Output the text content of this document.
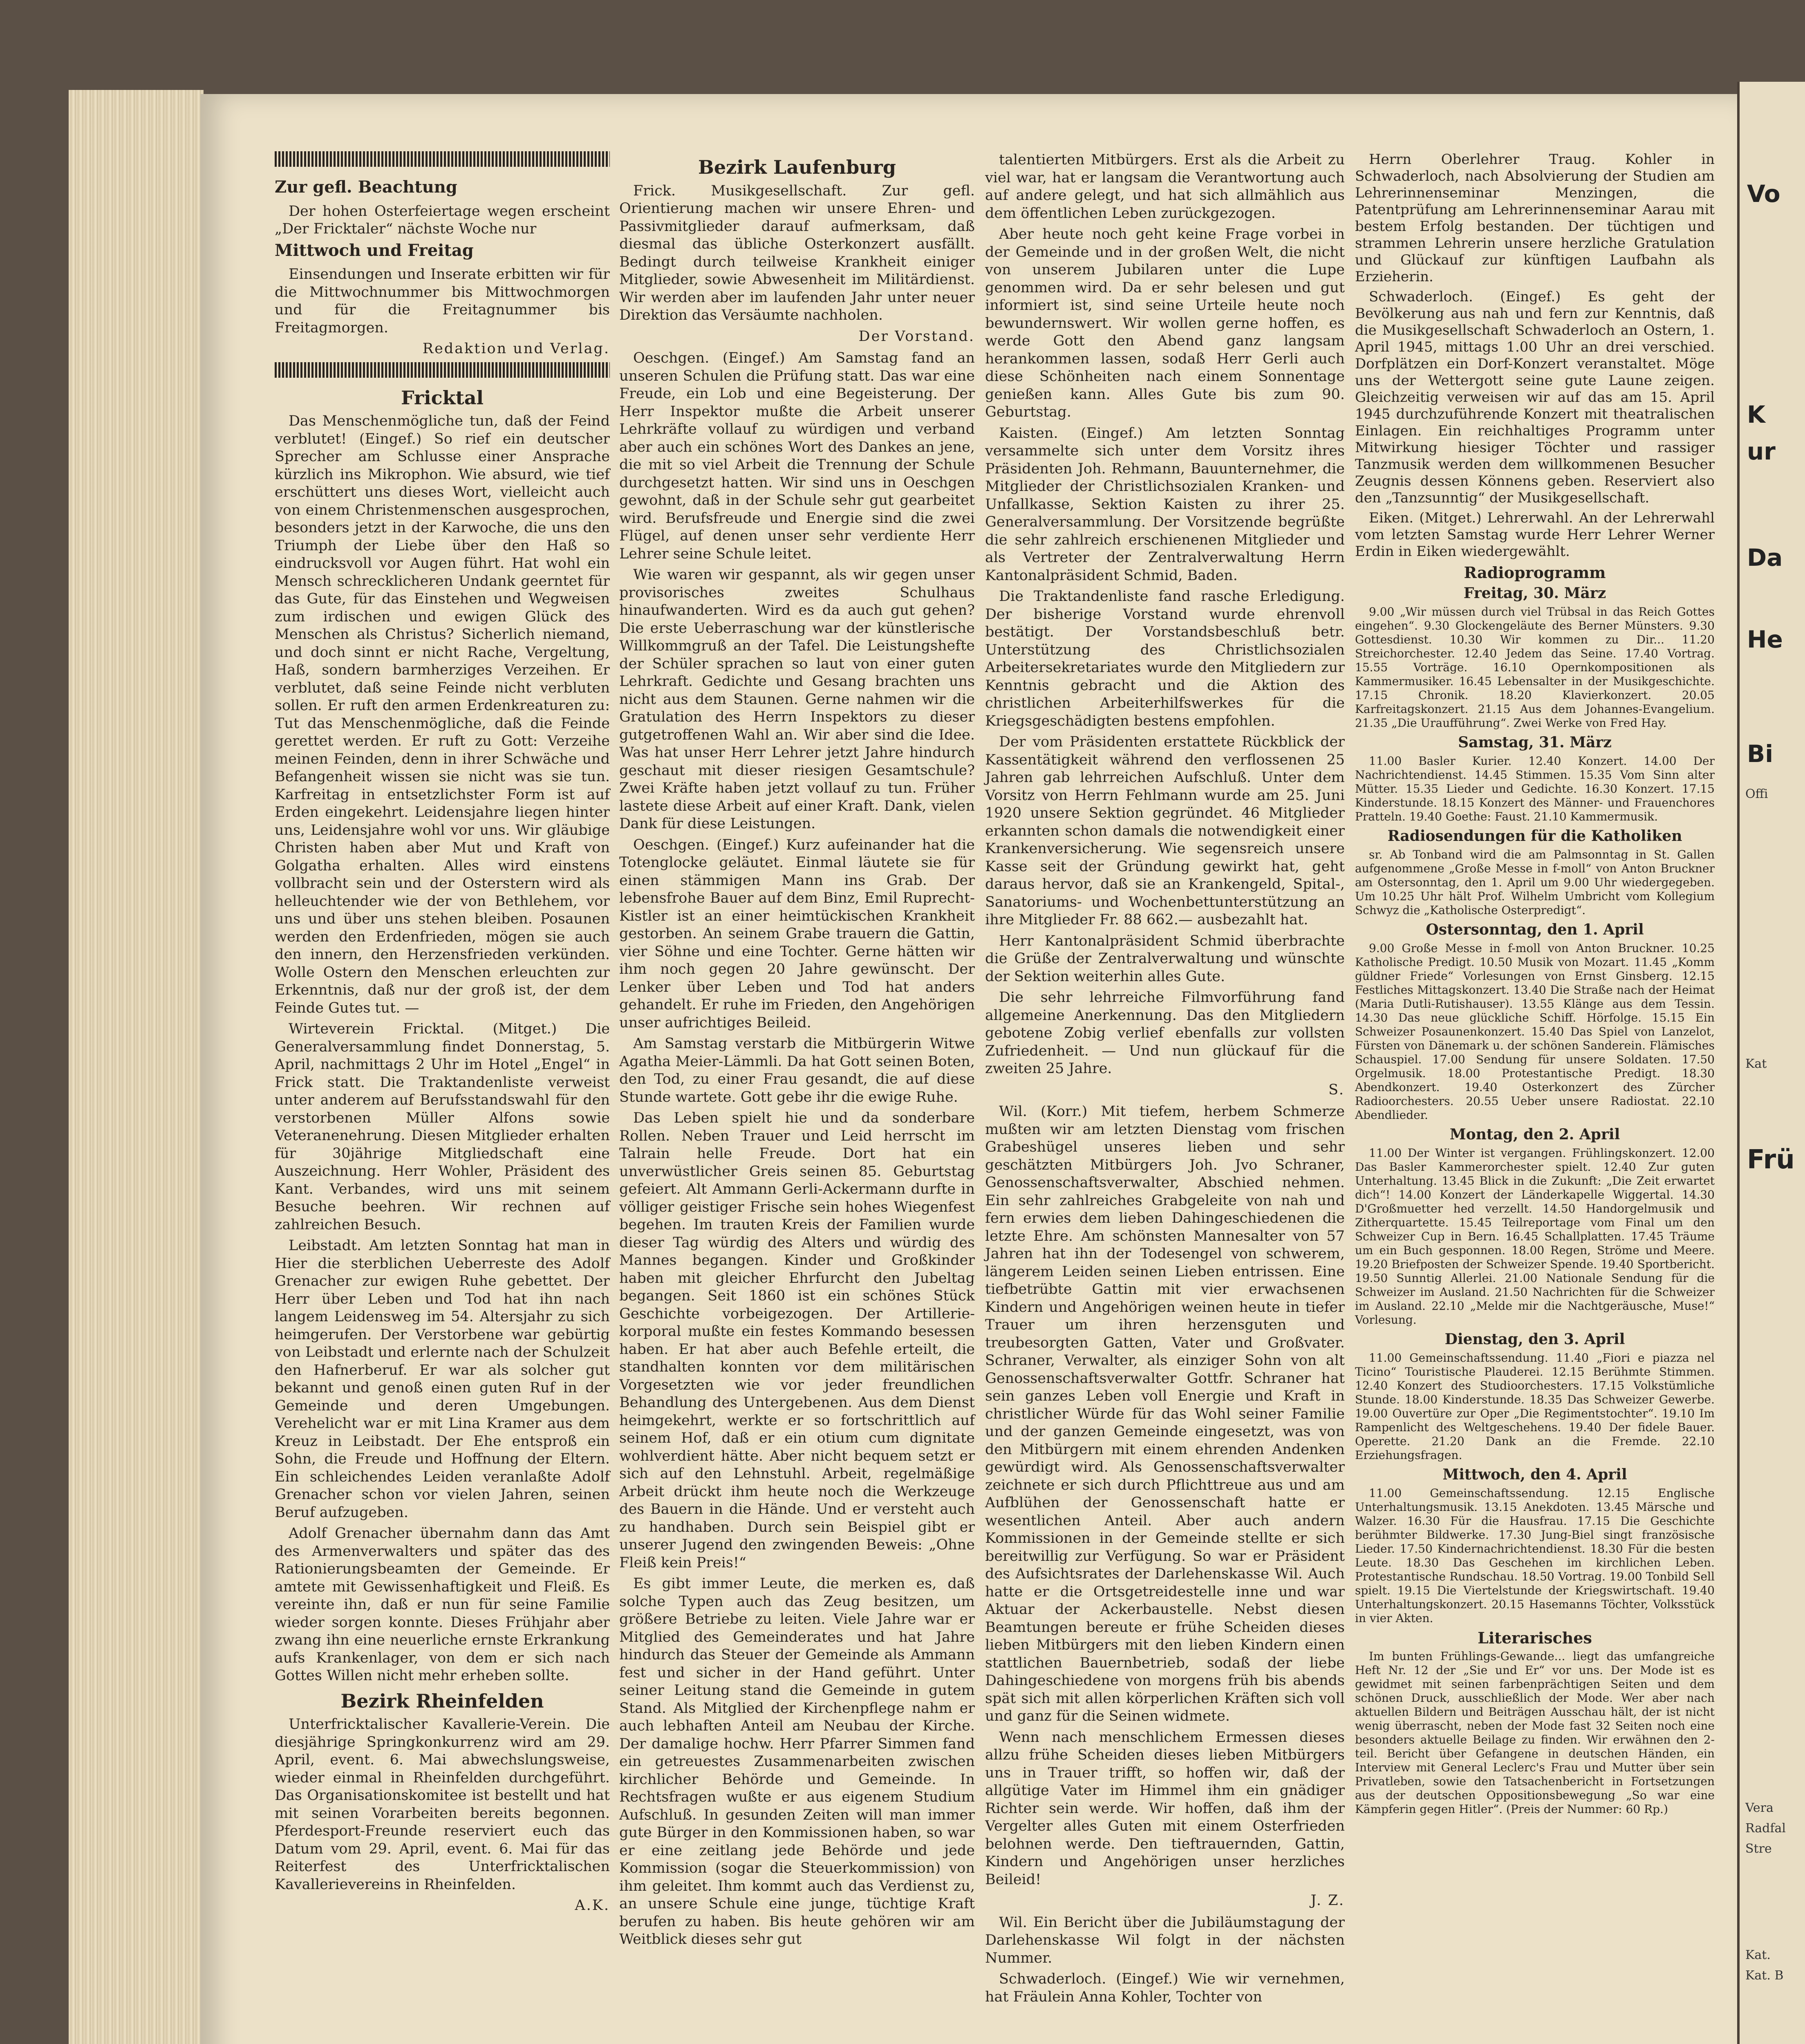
Zur gefl. Beachtung

Der hohen Osterfeiertage wegen erscheint „Der Fricktaler“ nächste Woche nur

Mittwoch und Freitag

Einsendungen und Inserate erbitten wir für die Mittwochnummer bis Mittwochmorgen und für die Freitagnummer bis Freitagmorgen.

Redaktion und Verlag.
Fricktal

Das Menschenmögliche tun, daß der Feind verblutet! (Eingef.) So rief ein deutscher Sprecher am Schlusse einer Ansprache kürzlich ins Mikrophon. Wie absurd, wie tief erschüttert uns dieses Wort, vielleicht auch von einem Christenmenschen ausgesprochen, besonders jetzt in der Karwoche, die uns den Triumph der Liebe über den Haß so eindrucksvoll vor Augen führt. Hat wohl ein Mensch schrecklicheren Undank geerntet für das Gute, für das Einstehen und Wegweisen zum irdischen und ewigen Glück des Menschen als Christus? Sicherlich niemand, und doch sinnt er nicht Rache, Vergeltung, Haß, sondern barmherziges Verzeihen. Er verblutet, daß seine Feinde nicht verbluten sollen. Er ruft den armen Erdenkreaturen zu: Tut das Menschenmögliche, daß die Feinde gerettet werden. Er ruft zu Gott: Verzeihe meinen Feinden, denn in ihrer Schwäche und Befangenheit wissen sie nicht was sie tun. Karfreitag in entsetzlichster Form ist auf Erden eingekehrt. Leidensjahre liegen hinter uns, Leidensjahre wohl vor uns. Wir gläubige Christen haben aber Mut und Kraft von Golgatha erhalten. Alles wird einstens vollbracht sein und der Osterstern wird als helleuchtender wie der von Bethlehem, vor uns und über uns stehen bleiben. Posaunen werden den Erdenfrieden, mögen sie auch den innern, den Herzensfrieden verkünden. Wolle Ostern den Menschen erleuchten zur Erkenntnis, daß nur der groß ist, der dem Feinde Gutes tut. —

Wirteverein Fricktal. (Mitget.) Die Generalversammlung findet Donnerstag, 5. April, nachmittags 2 Uhr im Hotel „Engel“ in Frick statt. Die Traktandenliste verweist unter anderem auf Berufsstandswahl für den verstorbenen Müller Alfons sowie Veteranenehrung. Diesen Mitglieder erhalten für 30jährige Mitgliedschaft eine Auszeichnung. Herr Wohler, Präsident des Kant. Verbandes, wird uns mit seinem Besuche beehren. Wir rechnen auf zahlreichen Besuch.

Leibstadt. Am letzten Sonntag hat man in Hier die sterblichen Ueberreste des Adolf Grenacher zur ewigen Ruhe gebettet. Der Herr über Leben und Tod hat ihn nach langem Leidensweg im 54. Altersjahr zu sich heimgerufen. Der Verstorbene war gebürtig von Leibstadt und erlernte nach der Schulzeit den Hafnerberuf. Er war als solcher gut bekannt und genoß einen guten Ruf in der Gemeinde und deren Umgebungen. Verehelicht war er mit Lina Kramer aus dem Kreuz in Leibstadt. Der Ehe entsproß ein Sohn, die Freude und Hoffnung der Eltern. Ein schleichendes Leiden veranlaßte Adolf Grenacher schon vor vielen Jahren, seinen Beruf aufzugeben.

Adolf Grenacher übernahm dann das Amt des Armenverwalters und später das des Rationierungsbeamten der Gemeinde. Er amtete mit Gewissenhaftigkeit und Fleiß. Es vereinte ihn, daß er nun für seine Familie wieder sorgen konnte. Dieses Frühjahr aber zwang ihn eine neuerliche ernste Erkrankung aufs Krankenlager, von dem er sich nach Gottes Willen nicht mehr erheben sollte.

Bezirk Rheinfelden

Unterfricktalischer Kavallerie-Verein. Die diesjährige Springkonkurrenz wird am 29. April, event. 6. Mai abwechslungsweise, wieder einmal in Rheinfelden durchgeführt. Das Organisationskomitee ist bestellt und hat mit seinen Vorarbeiten bereits begonnen. Pferdesport-Freunde reserviert euch das Datum vom 29. April, event. 6. Mai für das Reiterfest des Unterfricktalischen Kavallerievereins in Rheinfelden.

A.K.
Bezirk Laufenburg

Frick. Musikgesellschaft. Zur gefl. Orientierung machen wir unsere Ehren- und Passivmitglieder darauf aufmerksam, daß diesmal das übliche Osterkonzert ausfällt. Bedingt durch teilweise Krankheit einiger Mitglieder, sowie Abwesenheit im Militärdienst. Wir werden aber im laufenden Jahr unter neuer Direktion das Versäumte nachholen.

Der Vorstand.

Oeschgen. (Eingef.) Am Samstag fand an unseren Schulen die Prüfung statt. Das war eine Freude, ein Lob und eine Begeisterung. Der Herr Inspektor mußte die Arbeit unserer Lehrkräfte vollauf zu würdigen und verband aber auch ein schönes Wort des Dankes an jene, die mit so viel Arbeit die Trennung der Schule durchgesetzt hatten. Wir sind uns in Oeschgen gewohnt, daß in der Schule sehr gut gearbeitet wird. Berufsfreude und Energie sind die zwei Flügel, auf denen unser sehr verdiente Herr Lehrer seine Schule leitet.

Wie waren wir gespannt, als wir gegen unser provisorisches zweites Schulhaus hinaufwanderten. Wird es da auch gut gehen? Die erste Ueberraschung war der künstlerische Willkommgruß an der Tafel. Die Leistungshefte der Schüler sprachen so laut von einer guten Lehrkraft. Gedichte und Gesang brachten uns nicht aus dem Staunen. Gerne nahmen wir die Gratulation des Herrn Inspektors zu dieser gutgetroffenen Wahl an. Wir aber sind die Idee. Was hat unser Herr Lehrer jetzt Jahre hindurch geschaut mit dieser riesigen Gesamtschule? Zwei Kräfte haben jetzt vollauf zu tun. Früher lastete diese Arbeit auf einer Kraft. Dank, vielen Dank für diese Leistungen.

Oeschgen. (Eingef.) Kurz aufeinander hat die Totenglocke geläutet. Einmal läutete sie für einen stämmigen Mann ins Grab. Der lebensfrohe Bauer auf dem Binz, Emil Ruprecht-Kistler ist an einer heimtückischen Krankheit gestorben. An seinem Grabe trauern die Gattin, vier Söhne und eine Tochter. Gerne hätten wir ihm noch gegen 20 Jahre gewünscht. Der Lenker über Leben und Tod hat anders gehandelt. Er ruhe im Frieden, den Angehörigen unser aufrichtiges Beileid.

Am Samstag verstarb die Mitbürgerin Witwe Agatha Meier-Lämmli. Da hat Gott seinen Boten, den Tod, zu einer Frau gesandt, die auf diese Stunde wartete. Gott gebe ihr die ewige Ruhe.

Das Leben spielt hie und da sonderbare Rollen. Neben Trauer und Leid herrscht im Talrain helle Freude. Dort hat ein unverwüstlicher Greis seinen 85. Geburtstag gefeiert. Alt Ammann Gerli-Ackermann durfte in völliger geistiger Frische sein hohes Wiegenfest begehen. Im trauten Kreis der Familien wurde dieser Tag würdig des Alters und würdig des Mannes begangen. Kinder und Großkinder haben mit gleicher Ehrfurcht den Jubeltag begangen. Seit 1860 ist ein schönes Stück Geschichte vorbeigezogen. Der Artillerie-korporal mußte ein festes Kommando besessen haben. Er hat aber auch Befehle erteilt, die standhalten konnten vor dem militärischen Vorgesetzten wie vor jeder freundlichen Behandlung des Untergebenen. Aus dem Dienst heimgekehrt, werkte er so fortschrittlich auf seinem Hof, daß er ein otium cum dignitate wohlverdient hätte. Aber nicht bequem setzt er sich auf den Lehnstuhl. Arbeit, regelmäßige Arbeit drückt ihm heute noch die Werkzeuge des Bauern in die Hände. Und er versteht auch zu handhaben. Durch sein Beispiel gibt er unserer Jugend den zwingenden Beweis: „Ohne Fleiß kein Preis!“

Es gibt immer Leute, die merken es, daß solche Typen auch das Zeug besitzen, um größere Betriebe zu leiten. Viele Jahre war er Mitglied des Gemeinderates und hat Jahre hindurch das Steuer der Gemeinde als Ammann fest und sicher in der Hand geführt. Unter seiner Leitung stand die Gemeinde in gutem Stand. Als Mitglied der Kirchenpflege nahm er auch lebhaften Anteil am Neubau der Kirche. Der damalige hochw. Herr Pfarrer Simmen fand ein getreuestes Zusammenarbeiten zwischen kirchlicher Behörde und Gemeinde. In Rechtsfragen wußte er aus eigenem Studium Aufschluß. In gesunden Zeiten will man immer gute Bürger in den Kommissionen haben, so war er eine zeitlang jede Behörde und jede Kommission (sogar die Steuerkommission) von ihm geleitet. Ihm kommt auch das Verdienst zu, an unsere Schule eine junge, tüchtige Kraft berufen zu haben. Bis heute gehören wir am Weitblick dieses sehr gut

talentierten Mitbürgers. Erst als die Arbeit zu viel war, hat er langsam die Verantwortung auch auf andere gelegt, und hat sich allmählich aus dem öffentlichen Leben zurückgezogen.

Aber heute noch geht keine Frage vorbei in der Gemeinde und in der großen Welt, die nicht von unserem Jubilaren unter die Lupe genommen wird. Da er sehr belesen und gut informiert ist, sind seine Urteile heute noch bewundernswert. Wir wollen gerne hoffen, es werde Gott den Abend ganz langsam herankommen lassen, sodaß Herr Gerli auch diese Schönheiten nach einem Sonnentage genießen kann. Alles Gute bis zum 90. Geburtstag.

Kaisten. (Eingef.) Am letzten Sonntag versammelte sich unter dem Vorsitz ihres Präsidenten Joh. Rehmann, Bauunternehmer, die Mitglieder der Christlichsozialen Kranken- und Unfallkasse, Sektion Kaisten zu ihrer 25. Generalversammlung. Der Vorsitzende begrüßte die sehr zahlreich erschienenen Mitglieder und als Vertreter der Zentralverwaltung Herrn Kantonalpräsident Schmid, Baden.

Die Traktandenliste fand rasche Erledigung. Der bisherige Vorstand wurde ehrenvoll bestätigt. Der Vorstandsbeschluß betr. Unterstützung des Christlichsozialen Arbeitersekretariates wurde den Mitgliedern zur Kenntnis gebracht und die Aktion des christlichen Arbeiterhilfswerkes für die Kriegsgeschädigten bestens empfohlen.

Der vom Präsidenten erstattete Rückblick der Kassentätigkeit während den verflossenen 25 Jahren gab lehrreichen Aufschluß. Unter dem Vorsitz von Herrn Fehlmann wurde am 25. Juni 1920 unsere Sektion gegründet. 46 Mitglieder erkannten schon damals die notwendigkeit einer Krankenversicherung. Wie segensreich unsere Kasse seit der Gründung gewirkt hat, geht daraus hervor, daß sie an Krankengeld, Spital-, Sanatoriums- und Wochenbettunterstützung an ihre Mitglieder Fr. 88 662.— ausbezahlt hat.

Herr Kantonalpräsident Schmid überbrachte die Grüße der Zentralverwaltung und wünschte der Sektion weiterhin alles Gute.

Die sehr lehrreiche Filmvorführung fand allgemeine Anerkennung. Das den Mitgliedern gebotene Zobig verlief ebenfalls zur vollsten Zufriedenheit. — Und nun glückauf für die zweiten 25 Jahre.

S.

Wil. (Korr.) Mit tiefem, herbem Schmerze mußten wir am letzten Dienstag vom frischen Grabeshügel unseres lieben und sehr geschätzten Mitbürgers Joh. Jvo Schraner, Genossenschaftsverwalter, Abschied nehmen. Ein sehr zahlreiches Grabgeleite von nah und fern erwies dem lieben Dahingeschiedenen die letzte Ehre. Am schönsten Mannesalter von 57 Jahren hat ihn der Todesengel von schwerem, längerem Leiden seinen Lieben entrissen. Eine tiefbetrübte Gattin mit vier erwachsenen Kindern und Angehörigen weinen heute in tiefer Trauer um ihren herzensguten und treubesorgten Gatten, Vater und Großvater. Schraner, Verwalter, als einziger Sohn von alt Genossenschaftsverwalter Gottfr. Schraner hat sein ganzes Leben voll Energie und Kraft in christlicher Würde für das Wohl seiner Familie und der ganzen Gemeinde eingesetzt, was von den Mitbürgern mit einem ehrenden Andenken gewürdigt wird. Als Genossenschaftsverwalter zeichnete er sich durch Pflichttreue aus und am Aufblühen der Genossenschaft hatte er wesentlichen Anteil. Aber auch andern Kommissionen in der Gemeinde stellte er sich bereitwillig zur Verfügung. So war er Präsident des Aufsichtsrates der Darlehenskasse Wil. Auch hatte er die Ortsgetreidestelle inne und war Aktuar der Ackerbaustelle. Nebst diesen Beamtungen bereute er frühe Scheiden dieses lieben Mitbürgers mit den lieben Kindern einen stattlichen Bauernbetrieb, sodaß der liebe Dahingeschiedene von morgens früh bis abends spät sich mit allen körperlichen Kräften sich voll und ganz für die Seinen widmete.

Wenn nach menschlichem Ermessen dieses allzu frühe Scheiden dieses lieben Mitbürgers uns in Trauer trifft, so hoffen wir, daß der allgütige Vater im Himmel ihm ein gnädiger Richter sein werde. Wir hoffen, daß ihm der Vergelter alles Guten mit einem Osterfrieden belohnen werde. Den tieftrauernden, Gattin, Kindern und Angehörigen unser herzliches Beileid!

J. Z.

Wil. Ein Bericht über die Jubiläumstagung der Darlehenskasse Wil folgt in der nächsten Nummer.

Schwaderloch. (Eingef.) Wie wir vernehmen, hat Fräulein Anna Kohler, Tochter von

Herrn Oberlehrer Traug. Kohler in Schwaderloch, nach Absolvierung der Studien am Lehrerinnenseminar Menzingen, die Patentprüfung am Lehrerinnenseminar Aarau mit bestem Erfolg bestanden. Der tüchtigen und strammen Lehrerin unsere herzliche Gratulation und Glückauf zur künftigen Laufbahn als Erzieherin.

Schwaderloch. (Eingef.) Es geht der Bevölkerung aus nah und fern zur Kenntnis, daß die Musikgesellschaft Schwaderloch an Ostern, 1. April 1945, mittags 1.00 Uhr an drei verschied. Dorfplätzen ein Dorf-Konzert veranstaltet. Möge uns der Wettergott seine gute Laune zeigen. Gleichzeitig verweisen wir auf das am 15. April 1945 durchzuführende Konzert mit theatralischen Einlagen. Ein reichhaltiges Programm unter Mitwirkung hiesiger Töchter und rassiger Tanzmusik werden dem willkommenen Besucher Zeugnis dessen Könnens geben. Reserviert also den „Tanzsunntig“ der Musikgesellschaft.

Eiken. (Mitget.) Lehrerwahl. An der Lehrerwahl vom letzten Samstag wurde Herr Lehrer Werner Erdin in Eiken wiedergewählt.

Radioprogramm
Freitag, 30. März

9.00 „Wir müssen durch viel Trübsal in das Reich Gottes eingehen“. 9.30 Glockengeläute des Berner Münsters. 9.30 Gottesdienst. 10.30 Wir kommen zu Dir... 11.20 Streichorchester. 12.40 Jedem das Seine. 17.40 Vortrag. 15.55 Vorträge. 16.10 Opernkompositionen als Kammermusiker. 16.45 Lebensalter in der Musikgeschichte. 17.15 Chronik. 18.20 Klavierkonzert. 20.05 Karfreitagskonzert. 21.15 Aus dem Johannes-Evangelium. 21.35 „Die Uraufführung“. Zwei Werke von Fred Hay.

Samstag, 31. März

11.00 Basler Kurier. 12.40 Konzert. 14.00 Der Nachrichtendienst. 14.45 Stimmen. 15.35 Vom Sinn alter Mütter. 15.35 Lieder und Gedichte. 16.30 Konzert. 17.15 Kinderstunde. 18.15 Konzert des Männer- und Frauenchores Pratteln. 19.40 Goethe: Faust. 21.10 Kammermusik.

Radiosendungen für die Katholiken

sr. Ab Tonband wird die am Palmsonntag in St. Gallen aufgenommene „Große Messe in f-moll“ von Anton Bruckner am Ostersonntag, den 1. April um 9.00 Uhr wiedergegeben. Um 10.25 Uhr hält Prof. Wilhelm Umbricht vom Kollegium Schwyz die „Katholische Osterpredigt“.

Ostersonntag, den 1. April

9.00 Große Messe in f-moll von Anton Bruckner. 10.25 Katholische Predigt. 10.50 Musik von Mozart. 11.45 „Komm güldner Friede“ Vorlesungen von Ernst Ginsberg. 12.15 Festliches Mittagskonzert. 13.40 Die Straße nach der Heimat (Maria Dutli-Rutishauser). 13.55 Klänge aus dem Tessin. 14.30 Das neue glückliche Schiff. Hörfolge. 15.15 Ein Schweizer Posaunenkonzert. 15.40 Das Spiel von Lanzelot, Fürsten von Dänemark u. der schönen Sanderein. Flämisches Schauspiel. 17.00 Sendung für unsere Soldaten. 17.50 Orgelmusik. 18.00 Protestantische Predigt. 18.30 Abendkonzert. 19.40 Osterkonzert des Zürcher Radioorchesters. 20.55 Ueber unsere Radiostat. 22.10 Abendlieder.

Montag, den 2. April

11.00 Der Winter ist vergangen. Frühlingskonzert. 12.00 Das Basler Kammerorchester spielt. 12.40 Zur guten Unterhaltung. 13.45 Blick in die Zukunft: „Die Zeit erwartet dich“! 14.00 Konzert der Länderkapelle Wiggertal. 14.30 D'Großmuetter hed verzellt. 14.50 Handorgelmusik und Zitherquartette. 15.45 Teilreportage vom Final um den Schweizer Cup in Bern. 16.45 Schallplatten. 17.45 Träume um ein Buch gesponnen. 18.00 Regen, Ströme und Meere. 19.20 Briefposten der Schweizer Spende. 19.40 Sportbericht. 19.50 Sunntig Allerlei. 21.00 Nationale Sendung für die Schweizer im Ausland. 21.50 Nachrichten für die Schweizer im Ausland. 22.10 „Melde mir die Nachtgeräusche, Muse!“ Vorlesung.

Dienstag, den 3. April

11.00 Gemeinschaftssendung. 11.40 „Fiori e piazza nel Ticino“ Touristische Plauderei. 12.15 Berühmte Stimmen. 12.40 Konzert des Studioorchesters. 17.15 Volkstümliche Stunde. 18.00 Kinderstunde. 18.35 Das Schweizer Gewerbe. 19.00 Ouvertüre zur Oper „Die Regimentstochter“. 19.10 Im Rampenlicht des Weltgeschehens. 19.40 Der fidele Bauer. Operette. 21.20 Dank an die Fremde. 22.10 Erziehungsfragen.

Mittwoch, den 4. April

11.00 Gemeinschaftssendung. 12.15 Englische Unterhaltungsmusik. 13.15 Anekdoten. 13.45 Märsche und Walzer. 16.30 Für die Hausfrau. 17.15 Die Geschichte berühmter Bildwerke. 17.30 Jung-Biel singt französische Lieder. 17.50 Kindernachrichtendienst. 18.30 Für die besten Leute. 18.30 Das Geschehen im kirchlichen Leben. Protestantische Rundschau. 18.50 Vortrag. 19.00 Tonbild Sell spielt. 19.15 Die Viertelstunde der Kriegswirtschaft. 19.40 Unterhaltungskonzert. 20.15 Hasemanns Töchter, Volksstück in vier Akten.

Literarisches

Im bunten Frühlings-Gewande... liegt das umfangreiche Heft Nr. 12 der „Sie und Er“ vor uns. Der Mode ist es gewidmet mit seinen farbenprächtigen Seiten und dem schönen Druck, ausschließlich der Mode. Wer aber nach aktuellen Bildern und Beiträgen Ausschau hält, der ist nicht wenig überrascht, neben der Mode fast 32 Seiten noch eine besonders aktuelle Beilage zu finden. Wir erwähnen den 2-teil. Bericht über Gefangene in deutschen Händen, ein Interview mit General Leclerc's Frau und Mutter über sein Privatleben, sowie den Tatsachenbericht in Fortsetzungen aus der deutschen Oppositionsbewegung „So war eine Kämpferin gegen Hitler“. (Preis der Nummer: 60 Rp.)

Vo
K
ur
Da
He
Bi
Offi
Kat
Frü
Vera
Radfal
Stre
Kat.
Kat. B
